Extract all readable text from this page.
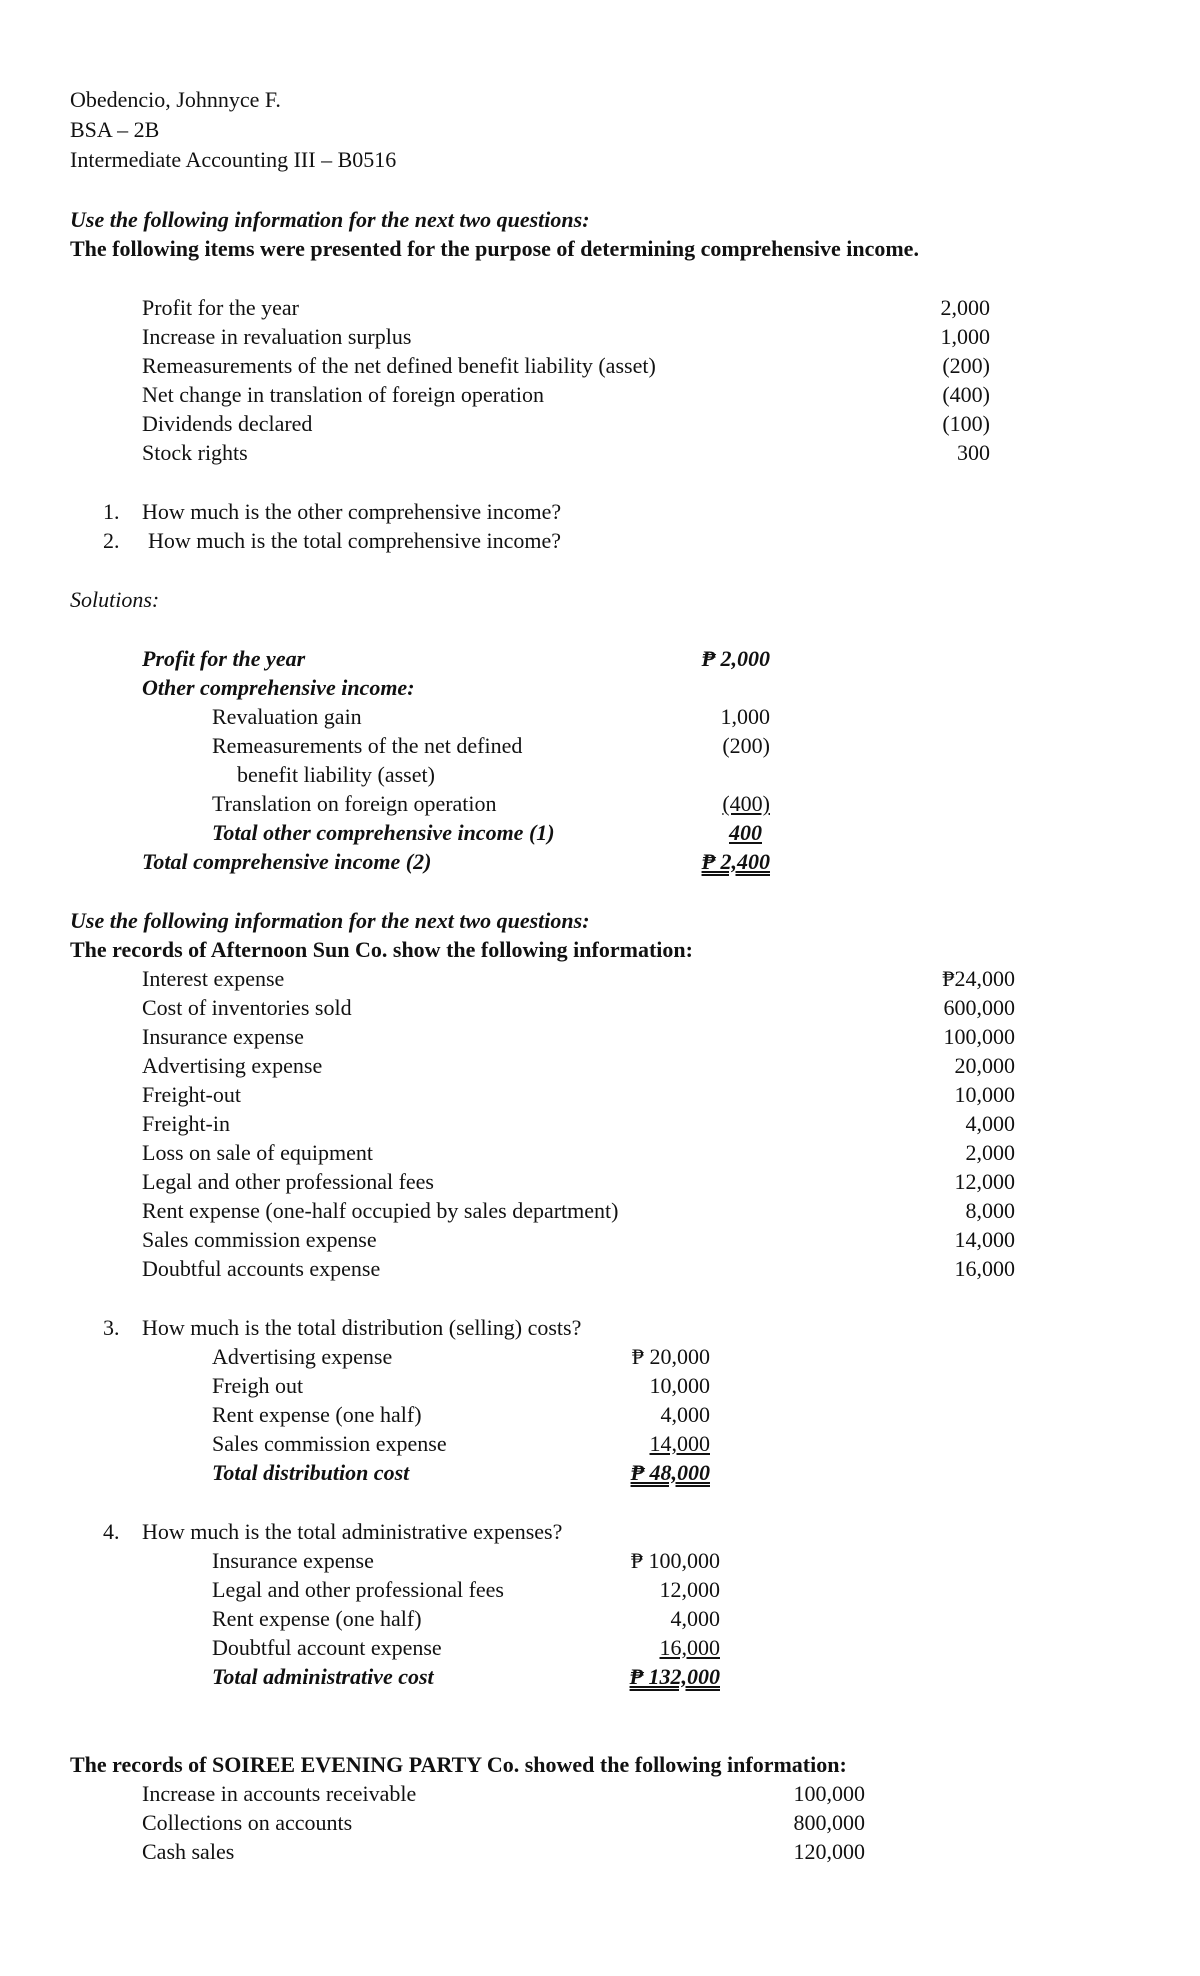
Obedencio, Johnnyce F.
BSA – 2B
Intermediate Accounting III – B0516
Use the following information for the next two questions:
The following items were presented for the purpose of determining comprehensive income.
Profit for the year	2,000
Increase in revaluation surplus	1,000
Remeasurements of the net defined benefit liability (asset)	(200)
Net change in translation of foreign operation	(400)
Dividends declared	(100)
Stock rights	300
1. How much is the other comprehensive income?
2. How much is the total comprehensive income?
Solutions:
Profit for the year	₱ 2,000
Other comprehensive income:
Revaluation gain	1,000
Remeasurements of the net defined	(200)
benefit liability (asset)
Translation on foreign operation	(400)
Total other comprehensive income (1)	400
Total comprehensive income (2)	₱ 2,400
Use the following information for the next two questions:
The records of Afternoon Sun Co. show the following information:
Interest expense	₱24,000
Cost of inventories sold	600,000
Insurance expense	100,000
Advertising expense	20,000
Freight-out	10,000
Freight-in	4,000
Loss on sale of equipment	2,000
Legal and other professional fees	12,000
Rent expense (one-half occupied by sales department)	8,000
Sales commission expense	14,000
Doubtful accounts expense	16,000
3. How much is the total distribution (selling) costs?
Advertising expense	₱ 20,000
Freigh out	10,000
Rent expense (one half)	4,000
Sales commission expense	14,000
Total distribution cost	₱ 48,000
4. How much is the total administrative expenses?
Insurance expense	₱ 100,000
Legal and other professional fees	12,000
Rent expense (one half)	4,000
Doubtful account expense	16,000
Total administrative cost	₱ 132,000
The records of SOIREE EVENING PARTY Co. showed the following information:
Increase in accounts receivable	100,000
Collections on accounts	800,000
Cash sales	120,000
